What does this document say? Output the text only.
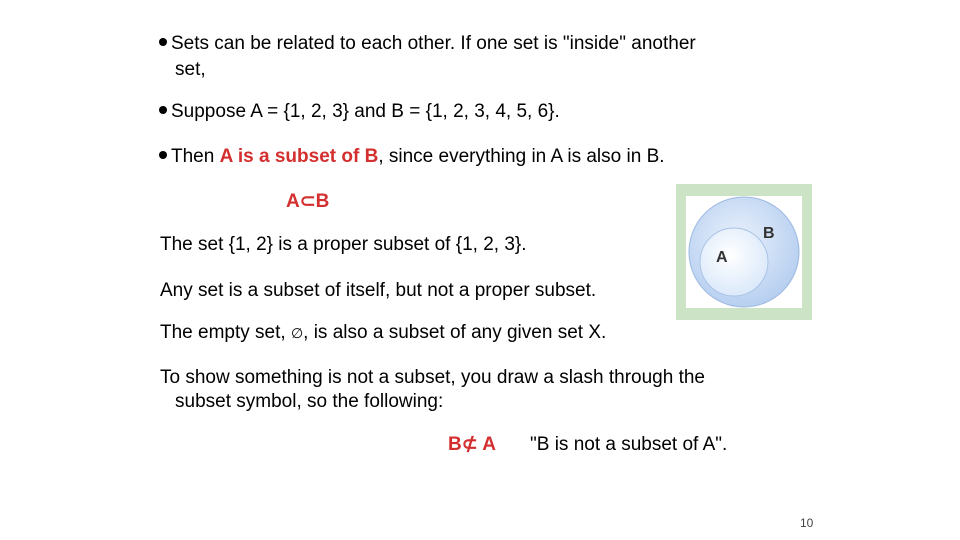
Sets can be related to each other. If one set is "inside" another
set,
Suppose A = {1, 2, 3} and B = {1, 2, 3, 4, 5, 6}.
Then A is a subset of B, since everything in A is also in B.
A⊂B
The set {1, 2} is a proper subset of {1, 2, 3}.
Any set is a subset of itself, but not a proper subset.
The empty set, ∅, is also a subset of any given set X.
To show something is not a subset, you draw a slash through the
subset symbol, so the following:
B⊄ A "B is not a subset of A".
B
A
10
